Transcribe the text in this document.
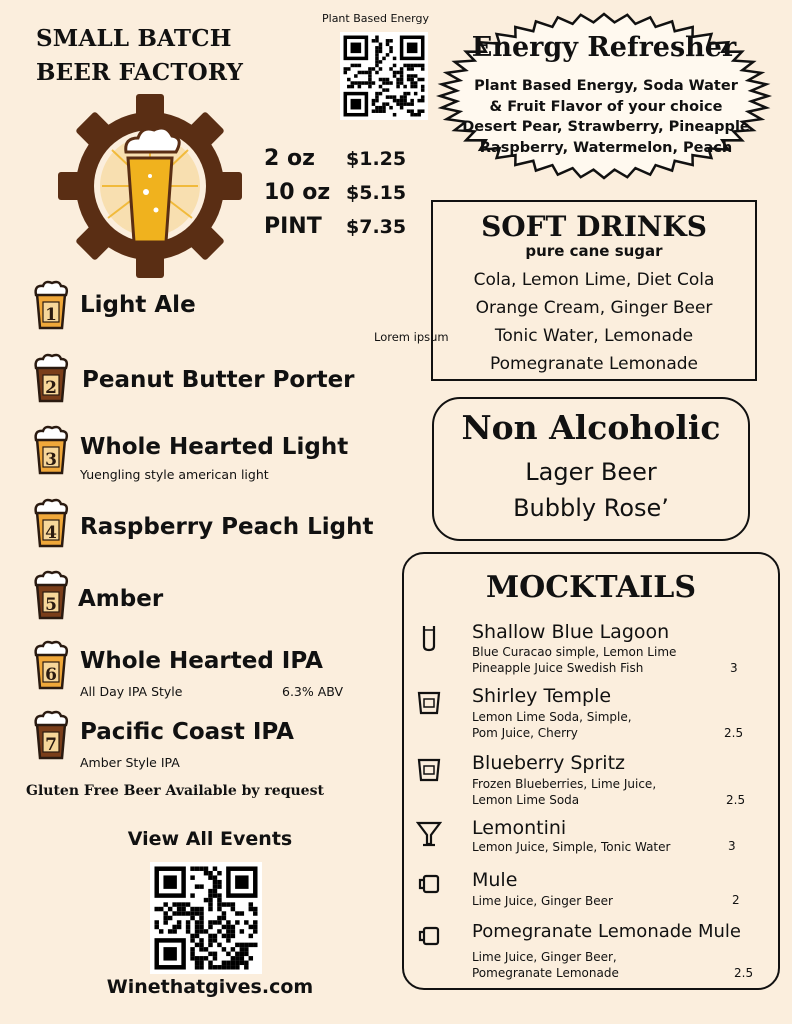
SMALL BATCH
BEER FACTORY
2 oz $1.25
10 oz $5.15
PINT $7.35
Plant Based Energy
Energy Refresher
Plant Based Energy, Soda Water
& Fruit Flavor of your choice
Desert Pear, Strawberry, Pineapple
Raspberry, Watermelon, Peach
SOFT DRINKS
pure cane sugar
Cola, Lemon Lime, Diet Cola
Orange Cream, Ginger Beer
Tonic Water, Lemonade
Pomegranate Lemonade
Lorem ipsum
Non Alcoholic
Lager Beer
Bubbly Rose’
1 Light Ale
2 Peanut Butter Porter
3 Whole Hearted Light
Yuengling style american light
4 Raspberry Peach Light
5 Amber
6
Whole Hearted IPA
All Day IPA Style
7 Pacific Coast IPA
Amber Style IPA
6.3% ABV
Gluten Free Beer Available by request
MOCKTAILS
Shallow Blue Lagoon
Blue Curacao simple, Lemon Lime
Pineapple Juice Swedish Fish	3
Shirley Temple
Lemon Lime Soda, Simple,
Pom Juice, Cherry	2.5
Blueberry Spritz
Frozen Blueberries, Lime Juice,
Lemon Lime Soda	2.5
Lemontini
Lemon Juice, Simple, Tonic Water	3
Mule
Lime Juice, Ginger Beer	2
Pomegranate Lemonade Mule
Lime Juice, Ginger Beer,
Pomegranate Lemonade	2.5
View All Events
Winethatgives.com
